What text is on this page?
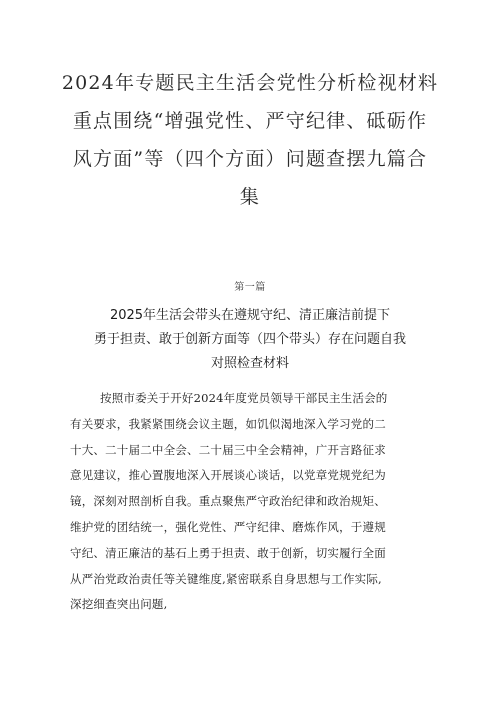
2024年专题民主生活会党性分析检视材料
重点围绕“增强党性、严守纪律、砥砺作
风方面”等（四个方面）问题查摆九篇合
集
第一篇
2025年生活会带头在遵规守纪、清正廉洁前提下
勇于担责、敢于创新方面等（四个带头）存在问题自我
对照检查材料
按照市委关于开好2024年度党员领导干部民主生活会的
有关要求，我紧紧围绕会议主题，如饥似渴地深入学习党的二
十大、二十届二中全会、二十届三中全会精神，广开言路征求
意见建议，推心置腹地深入开展谈心谈话，以党章党规党纪为
镜，深刻对照剖析自我。重点聚焦严守政治纪律和政治规矩、
维护党的团结统一，强化党性、严守纪律、磨炼作风，于遵规
守纪、清正廉洁的基石上勇于担责、敢于创新，切实履行全面
从严治党政治责任等关键维度,紧密联系自身思想与工作实际,
深挖细查突出问题,
